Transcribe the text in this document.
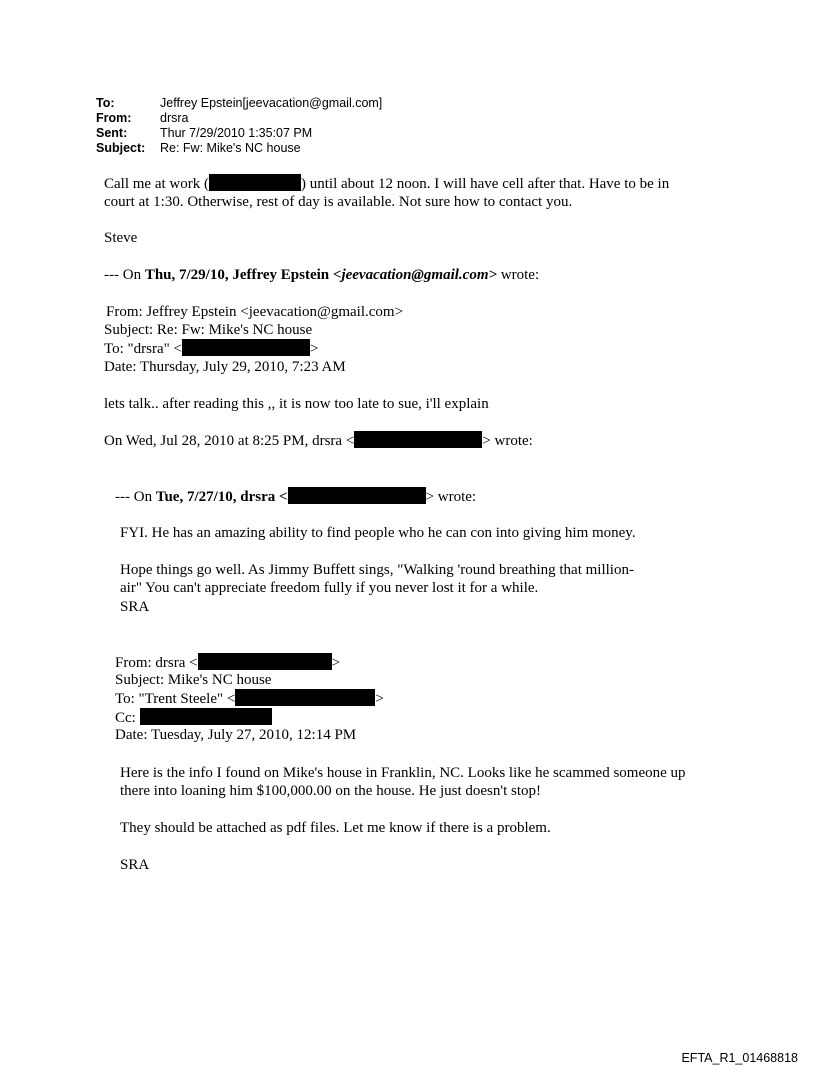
To:	Jeffrey Epstein[jeevacation@gmail.com]
From:	drsra
Sent:	Thur 7/29/2010 1:35:07 PM
Subject:	Re: Fw: Mike's NC house
Call me at work (	) until about 12 noon. I will have cell after that. Have to be in
court at 1:30. Otherwise, rest of day is available. Not sure how to contact you.
Steve
--- On Thu, 7/29/10, Jeffrey Epstein <jeevacation@gmail.com> wrote:
From: Jeffrey Epstein <jeevacation@gmail.com>
Subject: Re: Fw: Mike's NC house
To: "drsra" <	>
Date: Thursday, July 29, 2010, 7:23 AM
lets talk.. after reading this ,, it is now too late to sue, i'll explain
On Wed, Jul 28, 2010 at 8:25 PM, drsra <	> wrote:
--- On Tue, 7/27/10, drsra <	> wrote:
FYI. He has an amazing ability to find people who he can con into giving him money.
Hope things go well. As Jimmy Buffett sings, "Walking 'round breathing that million-
air" You can't appreciate freedom fully if you never lost it for a while.
SRA
From: drsra <	>
Subject: Mike's NC house
To: "Trent Steele" <	>
Cc:
Date: Tuesday, July 27, 2010, 12:14 PM
Here is the info I found on Mike's house in Franklin, NC. Looks like he scammed someone up
there into loaning him $100,000.00 on the house. He just doesn't stop!
They should be attached as pdf files. Let me know if there is a problem.
SRA
EFTA_R1_01468818
